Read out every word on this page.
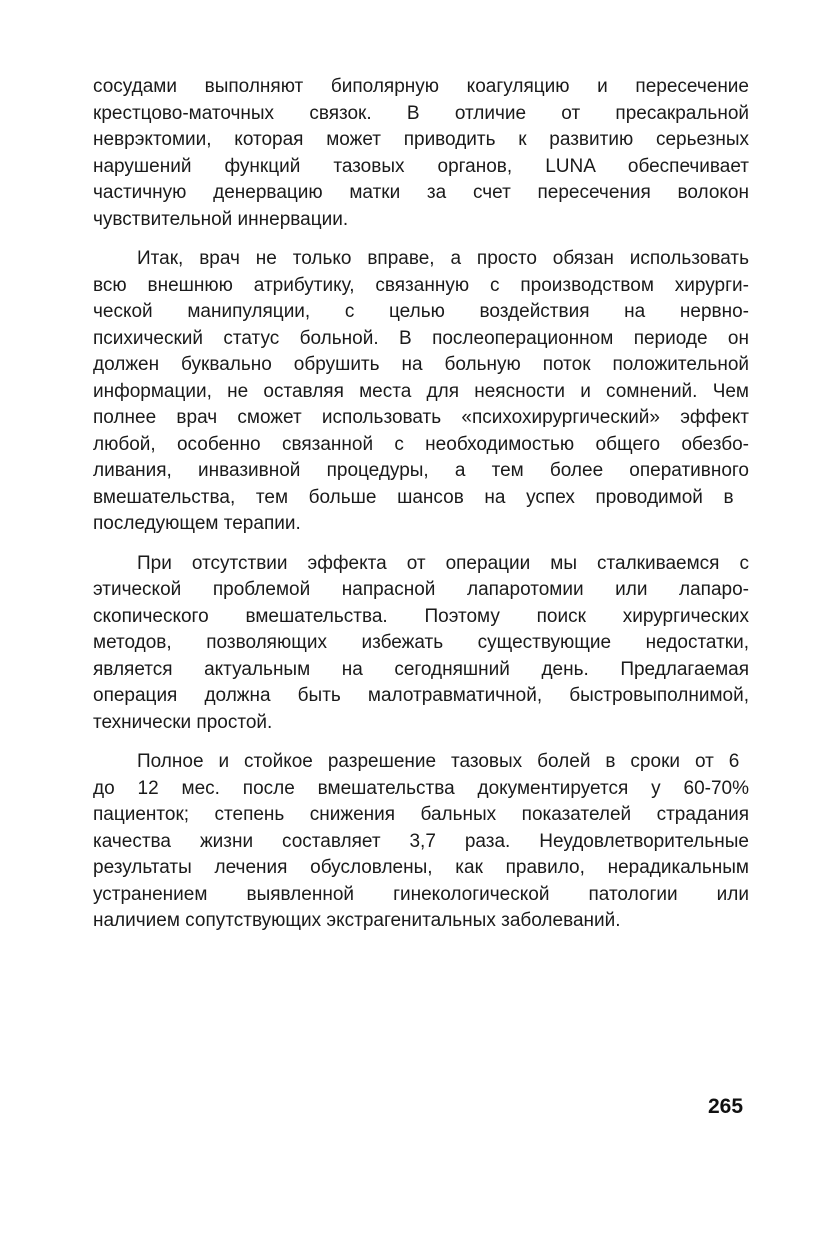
сосудами выполняют биполярную коагуляцию и пересечение
крестцово-маточных связок. В отличие от пресакральной
неврэктомии, которая может приводить к развитию серьезных
нарушений функций тазовых органов, LUNA обеспечивает
частичную денервацию матки за счет пересечения волокон
чувствительной иннервации.

Итак, врач не только вправе, а просто обязан использовать
всю внешнюю атрибутику, связанную с производством хирурги-
ческой манипуляции, с целью воздействия на нервно-
психический статус больной. В послеоперационном периоде он
должен буквально обрушить на больную поток положительной
информации, не оставляя места для неясности и сомнений. Чем
полнее врач сможет использовать «психохирургический» эффект
любой, особенно связанной с необходимостью общего обезбо-
ливания, инвазивной процедуры, а тем более оперативного
вмешательства, тем больше шансов на успех проводимой в
последующем терапии.

При отсутствии эффекта от операции мы сталкиваемся с
этической проблемой напрасной лапаротомии или лапаро-
скопического вмешательства. Поэтому поиск хирургических
методов, позволяющих избежать существующие недостатки,
является актуальным на сегодняшний день. Предлагаемая
операция должна быть малотравматичной, быстровыполнимой,
технически простой.

Полное и стойкое разрешение тазовых болей в сроки от 6
до 12 мес. после вмешательства документируется у 60-70%
пациенток; степень снижения бальных показателей страдания
качества жизни составляет 3,7 раза. Неудовлетворительные
результаты лечения обусловлены, как правило, нерадикальным
устранением выявленной гинекологической патологии или
наличием сопутствующих экстрагенитальных заболеваний.

265
